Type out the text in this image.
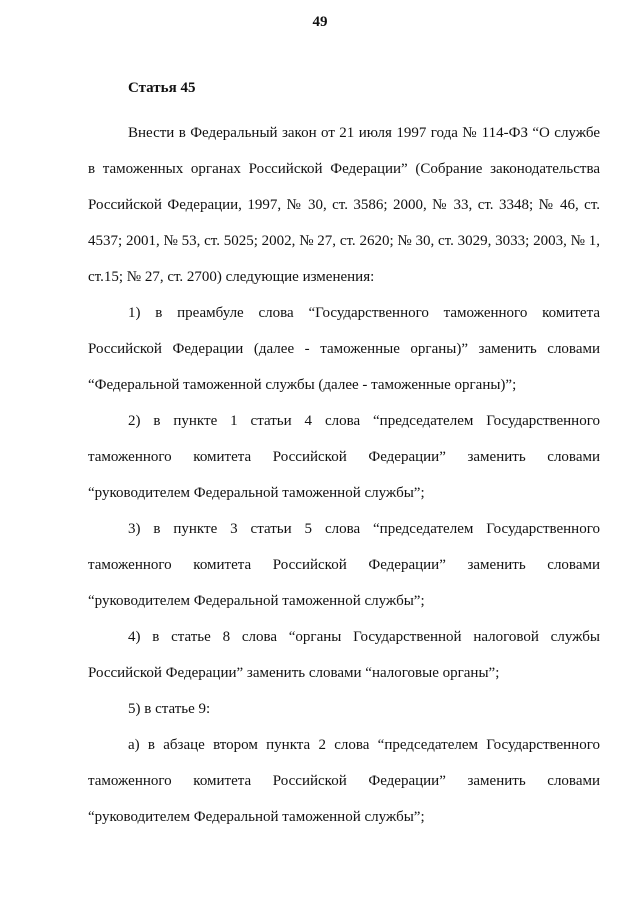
49
Статья 45

Внести в Федеральный закон от 21 июля 1997 года № 114-ФЗ “О службе в таможенных органах Российской Федерации” (Собрание законодательства Российской Федерации, 1997, № 30, ст. 3586; 2000, № 33, ст. 3348; № 46, ст. 4537; 2001, № 53, ст. 5025; 2002, № 27, ст. 2620; № 30, ст. 3029, 3033; 2003, № 1, ст.15; № 27, ст. 2700) следующие изменения:

1) в преамбуле слова “Государственного таможенного комитета Российской Федерации (далее - таможенные органы)” заменить словами “Федеральной таможенной службы (далее - таможенные органы)”;

2) в пункте 1 статьи 4 слова “председателем Государственного таможенного комитета Российской Федерации” заменить словами “руководителем Федеральной таможенной службы”;

3) в пункте 3 статьи 5 слова “председателем Государственного таможенного комитета Российской Федерации” заменить словами “руководителем Федеральной таможенной службы”;

4) в статье 8 слова “органы Государственной налоговой службы Российской Федерации” заменить словами “налоговые органы”;

5) в статье 9:

а) в абзаце втором пункта 2 слова “председателем Государственного таможенного комитета Российской Федерации” заменить словами “руководителем Федеральной таможенной службы”;
